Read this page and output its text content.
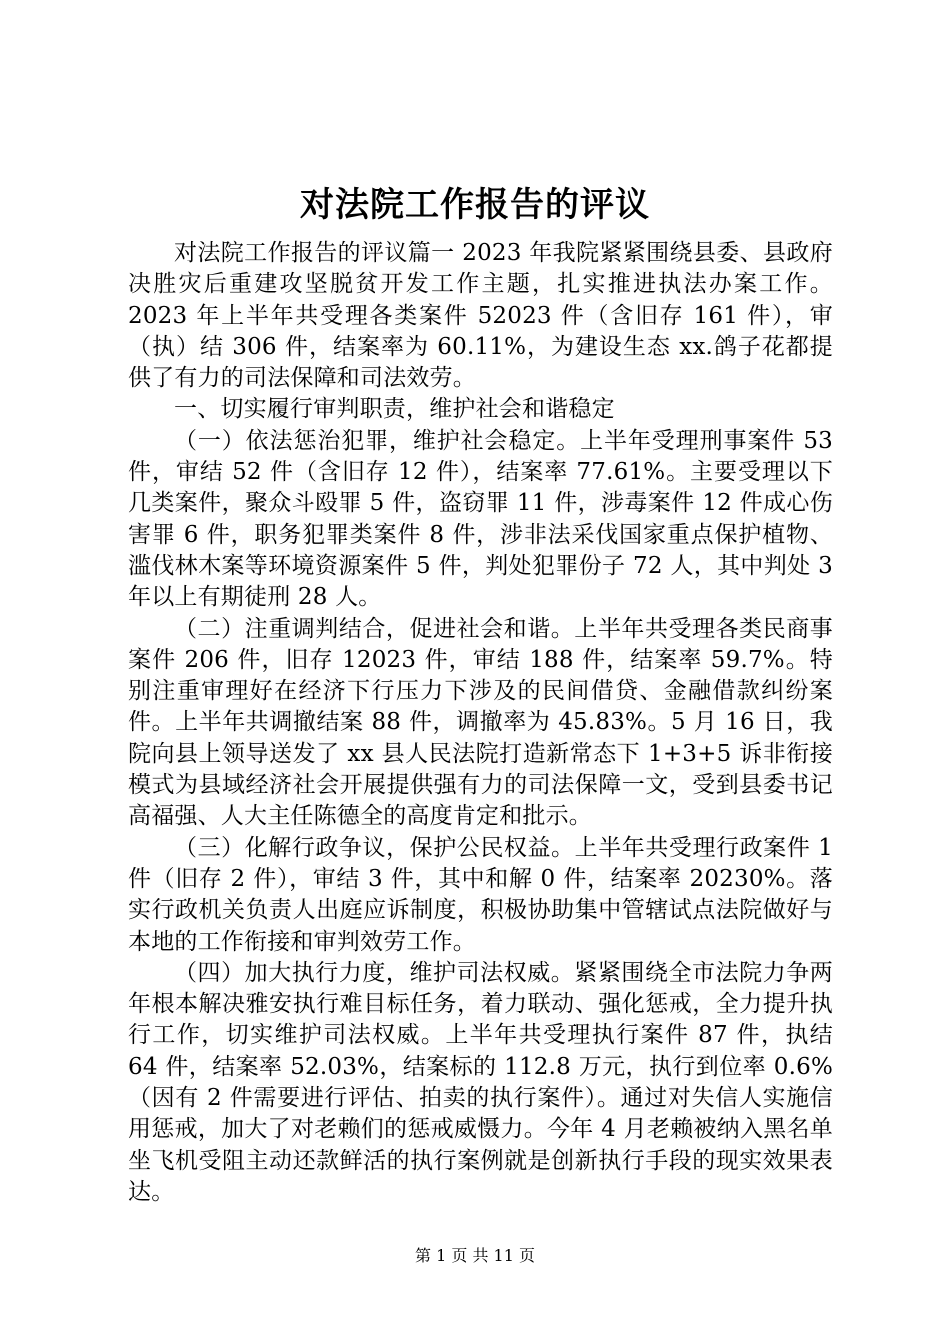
对法院工作报告的评议

对法院工作报告的评议篇一 2023 年我院紧紧围绕县委、县政府决胜灾后重建攻坚脱贫开发工作主题，扎实推进执法办案工作。2023 年上半年共受理各类案件 52023 件（含旧存 161 件），审（执）结 306 件，结案率为 60.11%，为建设生态 xx.鸽子花都提供了有力的司法保障和司法效劳。

一、切实履行审判职责，维护社会和谐稳定

（一）依法惩治犯罪，维护社会稳定。上半年受理刑事案件 53 件，审结 52 件（含旧存 12 件），结案率 77.61%。主要受理以下几类案件，聚众斗殴罪 5 件，盗窃罪 11 件，涉毒案件 12 件成心伤害罪 6 件，职务犯罪类案件 8 件，涉非法采伐国家重点保护植物、滥伐林木案等环境资源案件 5 件，判处犯罪份子 72 人，其中判处 3 年以上有期徒刑 28 人。

（二）注重调判结合，促进社会和谐。上半年共受理各类民商事案件 206 件，旧存 12023 件，审结 188 件，结案率 59.7%。特别注重审理好在经济下行压力下涉及的民间借贷、金融借款纠纷案件。上半年共调撤结案 88 件，调撤率为 45.83%。5 月 16 日，我院向县上领导送发了 xx 县人民法院打造新常态下 1+3+5 诉非衔接模式为县域经济社会开展提供强有力的司法保障一文，受到县委书记高福强、人大主任陈德全的高度肯定和批示。

（三）化解行政争议，保护公民权益。上半年共受理行政案件 1 件（旧存 2 件），审结 3 件，其中和解 0 件，结案率 20230%。落实行政机关负责人出庭应诉制度，积极协助集中管辖试点法院做好与本地的工作衔接和审判效劳工作。

（四）加大执行力度，维护司法权威。紧紧围绕全市法院力争两年根本解决雅安执行难目标任务，着力联动、强化惩戒，全力提升执行工作，切实维护司法权威。上半年共受理执行案件 87 件，执结 64 件，结案率 52.03%，结案标的 112.8 万元，执行到位率 0.6%（因有 2 件需要进行评估、拍卖的执行案件）。通过对失信人实施信用惩戒，加大了对老赖们的惩戒威慑力。今年 4 月老赖被纳入黑名单坐飞机受阻主动还款鲜活的执行案例就是创新执行手段的现实效果表达。

第 1 页 共 11 页
